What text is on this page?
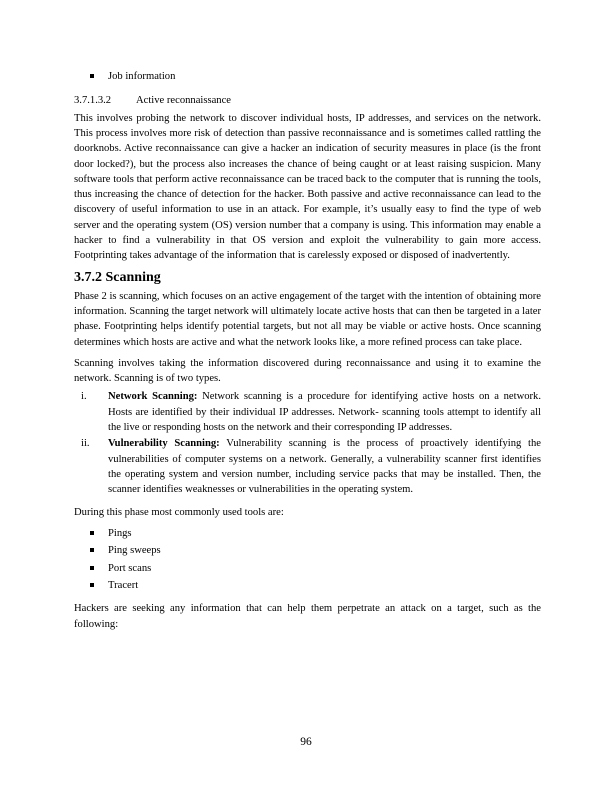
Job information
3.7.1.3.2 Active reconnaissance

This involves probing the network to discover individual hosts, IP addresses, and services on the network. This process involves more risk of detection than passive reconnaissance and is sometimes called rattling the doorknobs. Active reconnaissance can give a hacker an indication of security measures in place (is the front door locked?), but the process also increases the chance of being caught or at least raising suspicion. Many software tools that perform active reconnaissance can be traced back to the computer that is running the tools, thus increasing the chance of detection for the hacker. Both passive and active reconnaissance can lead to the discovery of useful information to use in an attack. For example, it’s usually easy to find the type of web server and the operating system (OS) version number that a company is using. This information may enable a hacker to find a vulnerability in that OS version and exploit the vulnerability to gain more access. Footprinting takes advantage of the information that is carelessly exposed or disposed of inadvertently.

3.7.2 Scanning

Phase 2 is scanning, which focuses on an active engagement of the target with the intention of obtaining more information. Scanning the target network will ultimately locate active hosts that can then be targeted in a later phase. Footprinting helps identify potential targets, but not all may be viable or active hosts. Once scanning determines which hosts are active and what the network looks like, a more refined process can take place.

Scanning involves taking the information discovered during reconnaissance and using it to examine the network. Scanning is of two types.

i. Network Scanning: Network scanning is a procedure for identifying active hosts on a network. Hosts are identified by their individual IP addresses. Network- scanning tools attempt to identify all the live or responding hosts on the network and their corresponding IP addresses.
ii. Vulnerability Scanning: Vulnerability scanning is the process of proactively identifying the vulnerabilities of computer systems on a network. Generally, a vulnerability scanner first identifies the operating system and version number, including service packs that may be installed. Then, the scanner identifies weaknesses or vulnerabilities in the operating system.

During this phase most commonly used tools are:

Pings
Ping sweeps
Port scans
Tracert

Hackers are seeking any information that can help them perpetrate an attack on a target, such as the following:

96
